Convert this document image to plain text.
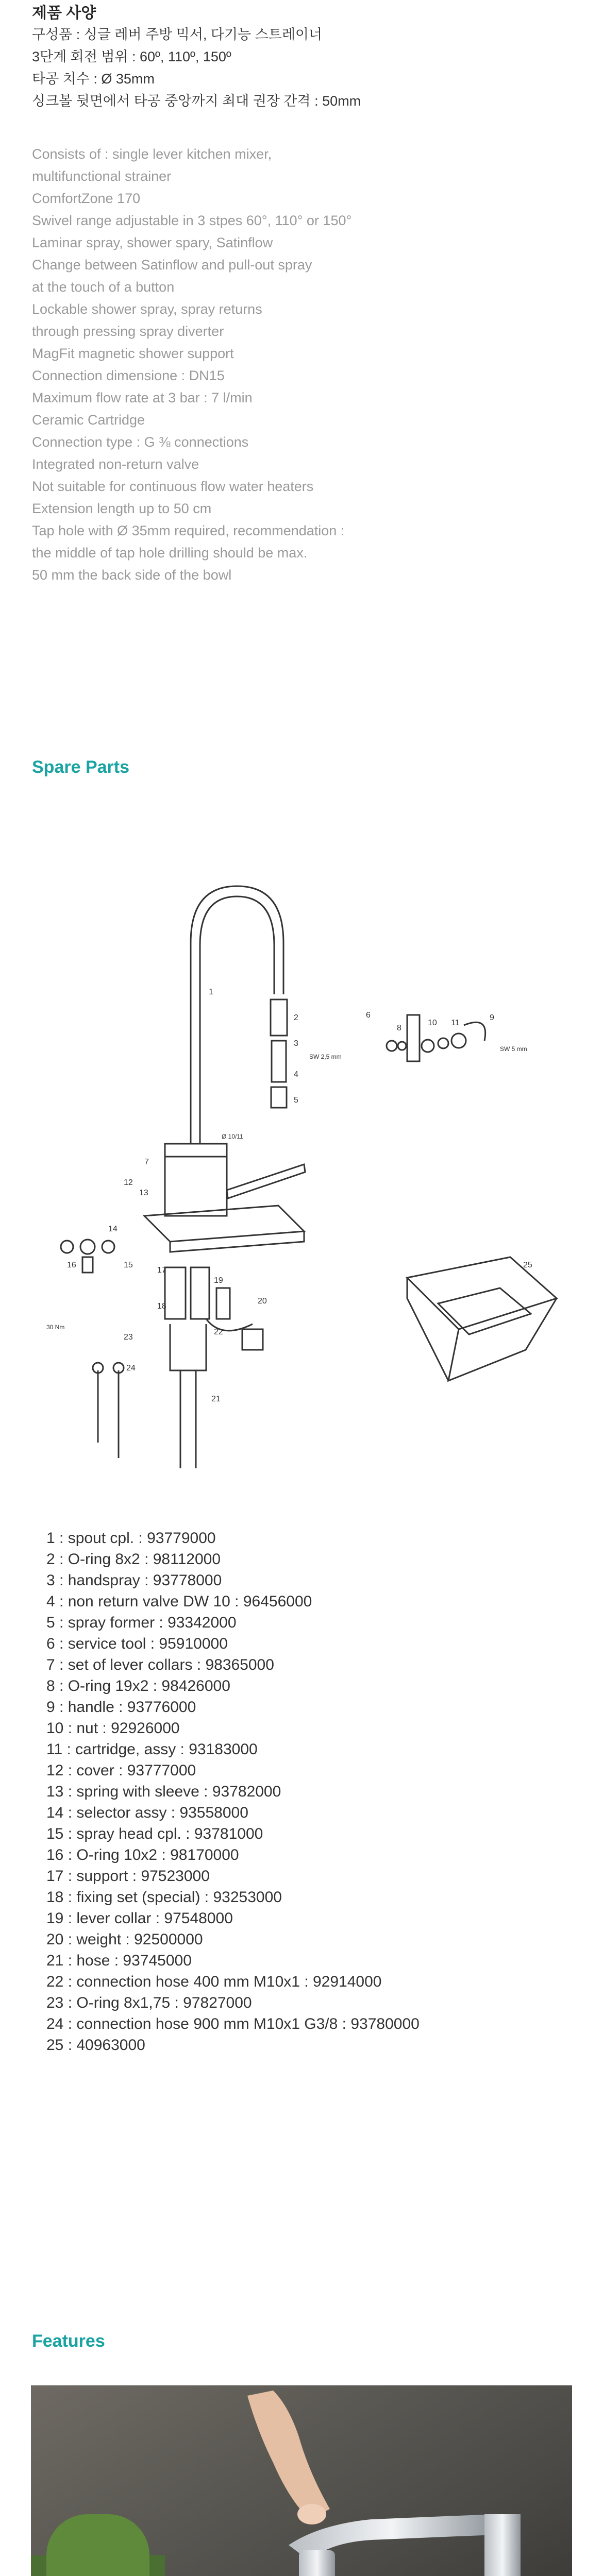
제품 사양
구성품 : 싱글 레버 주방 믹서, 다기능 스트레이너
3단계 회전 범위 : 60º, 110º, 150º
타공 치수 : Ø 35mm
싱크볼 뒷면에서 타공 중앙까지 최대 권장 간격 : 50mm
Consists of : single lever kitchen mixer,
multifunctional strainer
ComfortZone 170
Swivel range adjustable in 3 stpes 60°, 110° or 150°
Laminar spray, shower spary, Satinflow
Change between Satinflow and pull-out spray
at the touch of a button
Lockable shower spray, spray returns
through pressing spray diverter
MagFit magnetic shower support
Connection dimensione : DN15
Maximum flow rate at 3 bar : 7 l/min
Ceramic Cartridge
Connection type : G ⅜ connections
Integrated non-return valve
Not suitable for continuous flow water heaters
Extension length up to 50 cm
Tap hole with Ø 35mm required, recommendation :
the middle of tap hole drilling should be max.
50 mm the back side of the bowl
Spare Parts
1
2
3
4
5
6
7
8
9
10 11
12
13
14
15
16
17
18
19
20
21
22
23
24
25
SW 5 mm
Ø 10/11
SW 2,5 mm
30 Nm
1 : spout cpl. : 93779000
2 : O-ring 8x2 : 98112000
3 : handspray : 93778000
4 : non return valve DW 10 : 96456000
5 : spray former : 93342000
6 : service tool : 95910000
7 : set of lever collars : 98365000
8 : O-ring 19x2 : 98426000
9 : handle : 93776000
10 : nut : 92926000
11 : cartridge, assy : 93183000
12 : cover : 93777000
13 : spring with sleeve : 93782000
14 : selector assy : 93558000
15 : spray head cpl. : 93781000
16 : O-ring 10x2 : 98170000
17 : support : 97523000
18 : fixing set (special) : 93253000
19 : lever collar : 97548000
20 : weight : 92500000
21 : hose : 93745000
22 : connection hose 400 mm M10x1 : 92914000
23 : O-ring 8x1,75 : 97827000
24 : connection hose 900 mm M10x1 G3/8 : 93780000
25 : 40963000
Features
